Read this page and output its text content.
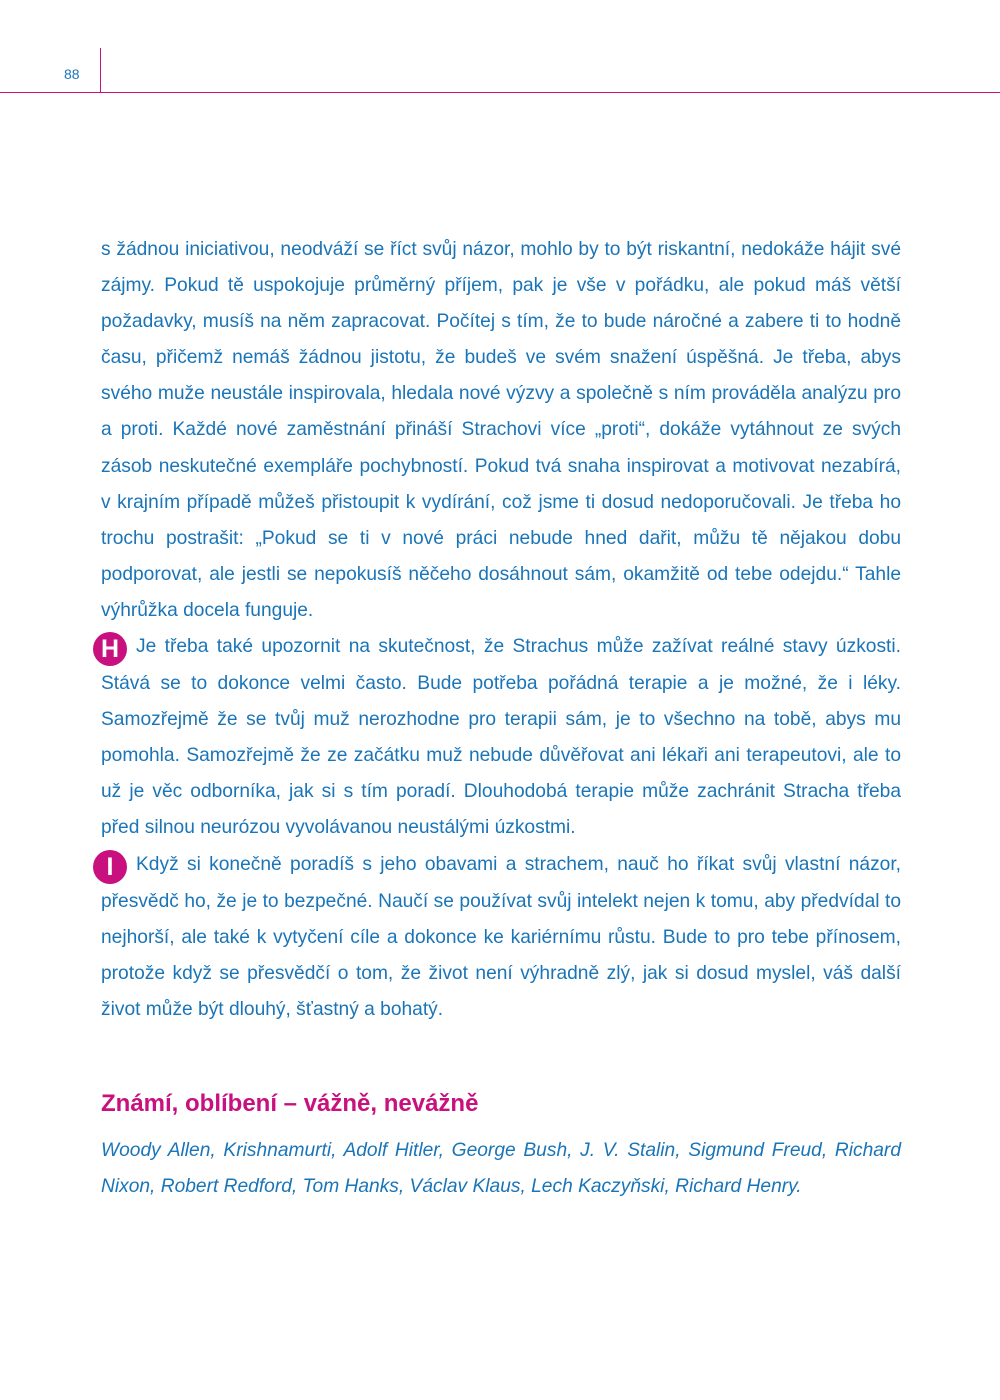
88

s žádnou iniciativou, neodváží se říct svůj názor, mohlo by to být riskantní, nedokáže hájit své zájmy. Pokud tě uspokojuje průměrný příjem, pak je vše v pořádku, ale pokud máš větší požadavky, musíš na něm zapracovat. Počítej s tím, že to bude náročné a zabere ti to hodně času, přičemž nemáš žádnou jistotu, že budeš ve svém snažení úspěšná. Je třeba, abys svého muže neustále inspirovala, hledala nové výzvy a společně s ním prováděla analýzu pro a proti. Každé nové zaměstnání přináší Strachovi více „proti“, dokáže vytáhnout ze svých zásob neskutečné exempláře pochybností. Pokud tvá snaha inspirovat a motivovat nezabírá, v krajním případě můžeš přistoupit k vydírání, což jsme ti dosud nedoporučovali. Je třeba ho trochu postrašit: „Pokud se ti v nové práci nebude hned dařit, můžu tě nějakou dobu podporovat, ale jestli se nepokusíš něčeho dosáhnout sám, okamžitě od tebe odejdu.“ Tahle výhrůžka docela funguje.

H Je třeba také upozornit na skutečnost, že Strachus může zažívat reálné stavy úzkosti. Stává se to dokonce velmi často. Bude potřeba pořádná terapie a je možné, že i léky. Samozřejmě že se tvůj muž nerozhodne pro terapii sám, je to všechno na tobě, abys mu pomohla. Samozřejmě že ze začátku muž nebude důvěřovat ani lékaři ani terapeutovi, ale to už je věc odborníka, jak si s tím poradí. Dlouhodobá terapie může zachránit Stracha třeba před silnou neurózou vyvolávanou neustálými úzkostmi.

I Když si konečně poradíš s jeho obavami a strachem, nauč ho říkat svůj vlastní názor, přesvědč ho, že je to bezpečné. Naučí se používat svůj intelekt nejen k tomu, aby předvídal to nejhorší, ale také k vytyčení cíle a dokonce ke kariérnímu růstu. Bude to pro tebe přínosem, protože když se přesvědčí o tom, že život není výhradně zlý, jak si dosud myslel, váš další život může být dlouhý, šťastný a bohatý.

Známí, oblíbení – vážně, nevážně

Woody Allen, Krishnamurti, Adolf Hitler, George Bush, J. V. Stalin, Sigmund Freud, Richard Nixon, Robert Redford, Tom Hanks, Václav Klaus, Lech Kaczyňski, Richard Henry.
